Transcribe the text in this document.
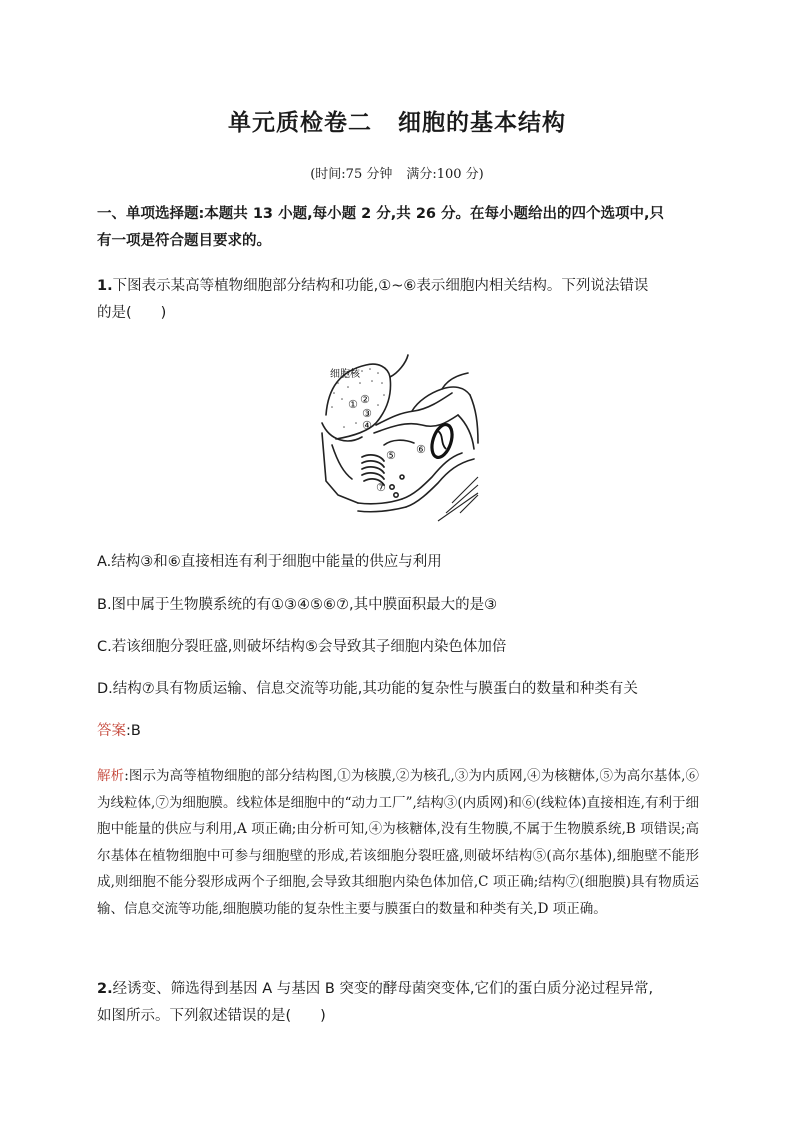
单元质检卷二 细胞的基本结构
(时间:75 分钟 满分:100 分)
一、单项选择题:本题共 13 小题,每小题 2 分,共 26 分。在每小题给出的四个选项中,只
有一项是符合题目要求的。
1.下图表示某高等植物细胞部分结构和功能,①~⑥表示细胞内相关结构。下列说法错误
的是(　　)
细胞核
① ②
③
④
⑤ ⑥
⑦
A.结构③和⑥直接相连有利于细胞中能量的供应与利用
B.图中属于生物膜系统的有①③④⑤⑥⑦,其中膜面积最大的是③
C.若该细胞分裂旺盛,则破坏结构⑤会导致其子细胞内染色体加倍
D.结构⑦具有物质运输、信息交流等功能,其功能的复杂性与膜蛋白的数量和种类有关
答案:B
解析:图示为高等植物细胞的部分结构图,①为核膜,②为核孔,③为内质网,④为核糖体,⑤为高尔基体,⑥为线粒体,⑦为细胞膜。线粒体是细胞中的“动力工厂”,结构③(内质网)和⑥(线粒体)直接相连,有利于细胞中能量的供应与利用,A 项正确;由分析可知,④为核糖体,没有生物膜,不属于生物膜系统,B 项错误;高尔基体在植物细胞中可参与细胞壁的形成,若该细胞分裂旺盛,则破坏结构⑤(高尔基体),细胞壁不能形成,则细胞不能分裂形成两个子细胞,会导致其细胞内染色体加倍,C 项正确;结构⑦(细胞膜)具有物质运输、信息交流等功能,细胞膜功能的复杂性主要与膜蛋白的数量和种类有关,D 项正确。
2.经诱变、筛选得到基因 A 与基因 B 突变的酵母菌突变体,它们的蛋白质分泌过程异常,
如图所示。下列叙述错误的是(　　)
